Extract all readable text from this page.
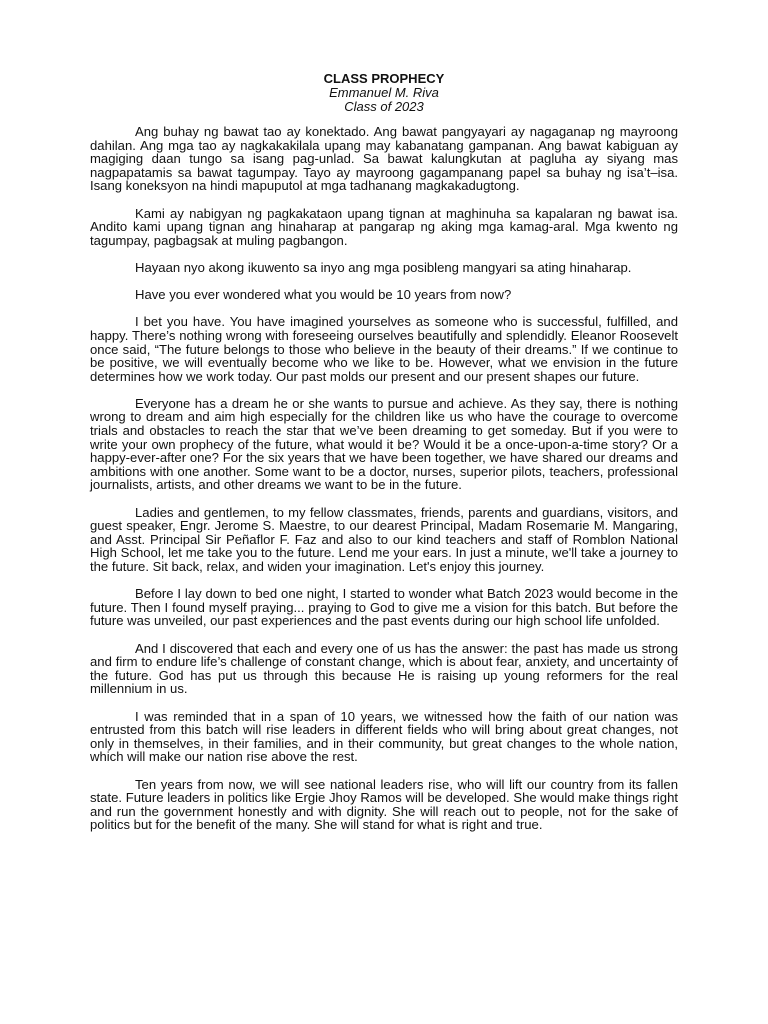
CLASS PROPHECY
Emmanuel M. Riva
Class of 2023

Ang buhay ng bawat tao ay konektado. Ang bawat pangyayari ay nagaganap ng mayroong dahilan. Ang mga tao ay nagkakakilala upang may kabanatang gampanan. Ang bawat kabiguan ay magiging daan tungo sa isang pag-unlad. Sa bawat kalungkutan at pagluha ay siyang mas nagpapatamis sa bawat tagumpay. Tayo ay mayroong gagampanang papel sa buhay ng isa’t–isa. Isang koneksyon na hindi mapuputol at mga tadhanang magkakadugtong.

Kami ay nabigyan ng pagkakataon upang tignan at maghinuha sa kapalaran ng bawat isa. Andito kami upang tignan ang hinaharap at pangarap ng aking mga kamag-aral. Mga kwento ng tagumpay, pagbagsak at muling pagbangon.

Hayaan nyo akong ikuwento sa inyo ang mga posibleng mangyari sa ating hinaharap.

Have you ever wondered what you would be 10 years from now?

I bet you have. You have imagined yourselves as someone who is successful, fulfilled, and happy. There’s nothing wrong with foreseeing ourselves beautifully and splendidly. Eleanor Roosevelt once said, “The future belongs to those who believe in the beauty of their dreams.” If we continue to be positive, we will eventually become who we like to be. However, what we envision in the future determines how we work today. Our past molds our present and our present shapes our future.

Everyone has a dream he or she wants to pursue and achieve. As they say, there is nothing wrong to dream and aim high especially for the children like us who have the courage to overcome trials and obstacles to reach the star that we’ve been dreaming to get someday. But if you were to write your own prophecy of the future, what would it be? Would it be a once-upon-a-time story? Or a happy-ever-after one? For the six years that we have been together, we have shared our dreams and ambitions with one another. Some want to be a doctor, nurses, superior pilots, teachers, professional journalists, artists, and other dreams we want to be in the future.

Ladies and gentlemen, to my fellow classmates, friends, parents and guardians, visitors, and guest speaker, Engr. Jerome S. Maestre, to our dearest Principal, Madam Rosemarie M. Mangaring, and Asst. Principal Sir Peñaflor F. Faz and also to our kind teachers and staff of Romblon National High School, let me take you to the future. Lend me your ears. In just a minute, we'll take a journey to the future. Sit back, relax, and widen your imagination. Let's enjoy this journey.

Before I lay down to bed one night, I started to wonder what Batch 2023 would become in the future. Then I found myself praying... praying to God to give me a vision for this batch. But before the future was unveiled, our past experiences and the past events during our high school life unfolded.

And I discovered that each and every one of us has the answer: the past has made us strong and firm to endure life’s challenge of constant change, which is about fear, anxiety, and uncertainty of the future. God has put us through this because He is raising up young reformers for the real millennium in us.

I was reminded that in a span of 10 years, we witnessed how the faith of our nation was entrusted from this batch will rise leaders in different fields who will bring about great changes, not only in themselves, in their families, and in their community, but great changes to the whole nation, which will make our nation rise above the rest.

Ten years from now, we will see national leaders rise, who will lift our country from its fallen state. Future leaders in politics like Ergie Jhoy Ramos will be developed. She would make things right and run the government honestly and with dignity. She will reach out to people, not for the sake of politics but for the benefit of the many. She will stand for what is right and true.
